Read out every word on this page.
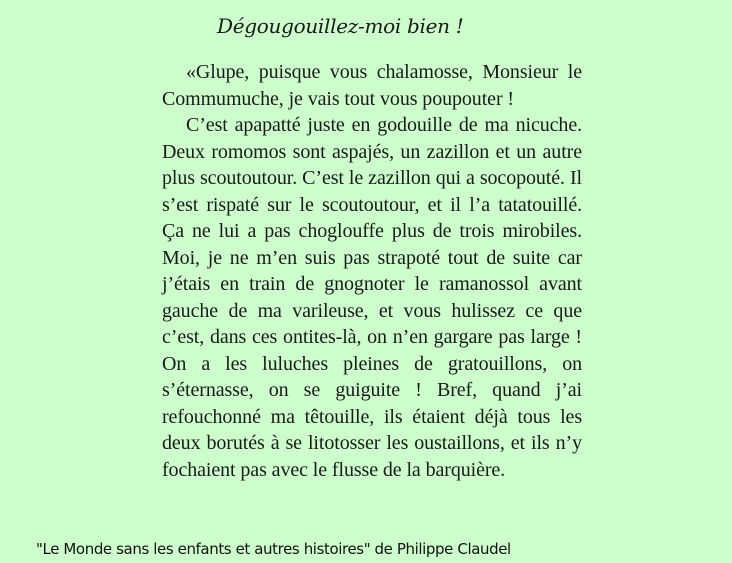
Dégougouillez-moi bien !

«Glupe, puisque vous chalamosse, Monsieur le Commumuche, je vais tout vous poupouter !

C’est apapatté juste en godouille de ma nicuche. Deux romomos sont aspajés, un zazillon et un autre plus scoutoutour. C’est le zazillon qui a socopouté. Il s’est rispaté sur le scoutoutour, et il l’a tatatouillé. Ça ne lui a pas choglouffe plus de trois mirobiles. Moi, je ne m’en suis pas strapoté tout de suite car j’étais en train de gnognoter le ramanossol avant gauche de ma varileuse, et vous hulissez ce que c’est, dans ces ontites-là, on n’en gargare pas large ! On a les luluches pleines de gratouillons, on s’éternasse, on se guiguite ! Bref, quand j’ai refouchonné ma têtouille, ils étaient déjà tous les deux borutés à se litotosser les oustaillons, et ils n’y fochaient pas avec le flusse de la barquière.

"Le Monde sans les enfants et autres histoires" de Philippe Claudel
